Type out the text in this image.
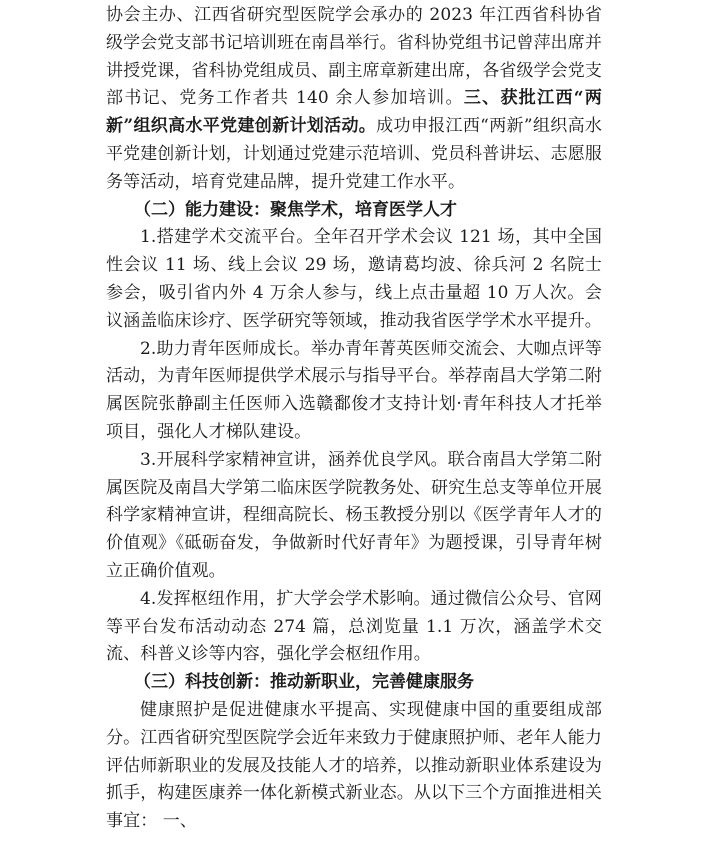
协会主办、江西省研究型医院学会承办的 2023 年江西省科协省级学会党支部书记培训班在南昌举行。省科协党组书记曾萍出席并讲授党课，省科协党组成员、副主席章新建出席，各省级学会党支部书记、党务工作者共 140 余人参加培训。三、获批江西“两新”组织高水平党建创新计划活动。成功申报江西“两新”组织高水平党建创新计划，计划通过党建示范培训、党员科普讲坛、志愿服务等活动，培育党建品牌，提升党建工作水平。

（二）能力建设：聚焦学术，培育医学人才

1.搭建学术交流平台。全年召开学术会议 121 场，其中全国性会议 11 场、线上会议 29 场，邀请葛均波、徐兵河 2 名院士参会，吸引省内外 4 万余人参与，线上点击量超 10 万人次。会议涵盖临床诊疗、医学研究等领域，推动我省医学学术水平提升。

2.助力青年医师成长。举办青年菁英医师交流会、大咖点评等活动，为青年医师提供学术展示与指导平台。举荐南昌大学第二附属医院张静副主任医师入选赣鄱俊才支持计划·青年科技人才托举项目，强化人才梯队建设。

3.开展科学家精神宣讲，涵养优良学风。联合南昌大学第二附属医院及南昌大学第二临床医学院教务处、研究生总支等单位开展科学家精神宣讲，程细高院长、杨玉教授分别以《医学青年人才的价值观》《砥砺奋发，争做新时代好青年》为题授课，引导青年树立正确价值观。

4.发挥枢纽作用，扩大学会学术影响。通过微信公众号、官网等平台发布活动动态 274 篇，总浏览量 1.1 万次，涵盖学术交流、科普义诊等内容，强化学会枢纽作用。

（三）科技创新：推动新职业，完善健康服务

健康照护是促进健康水平提高、实现健康中国的重要组成部分。江西省研究型医院学会近年来致力于健康照护师、老年人能力评估师新职业的发展及技能人才的培养，以推动新职业体系建设为抓手，构建医康养一体化新模式新业态。从以下三个方面推进相关事宜： 一、
